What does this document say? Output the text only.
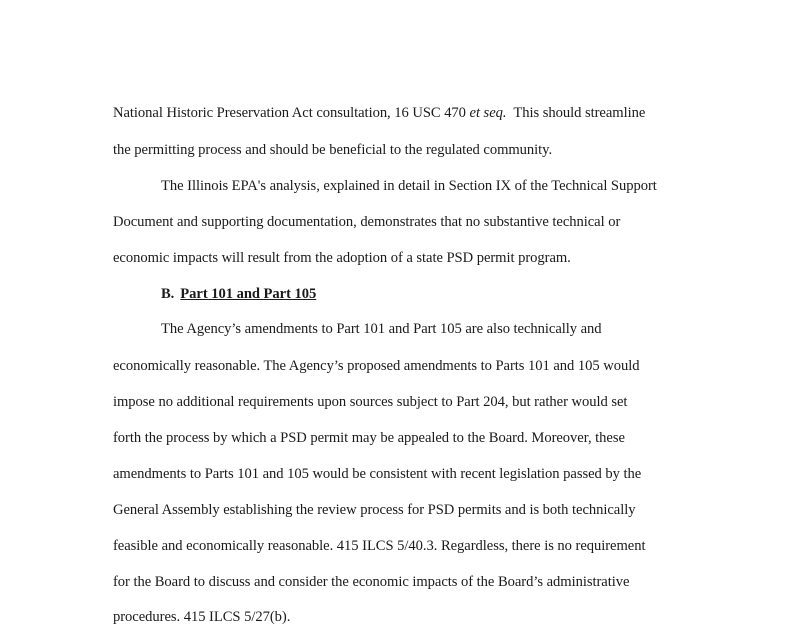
National Historic Preservation Act consultation, 16 USC 470 et seq.  This should streamline
the permitting process and should be beneficial to the regulated community.
The Illinois EPA's analysis, explained in detail in Section IX of the Technical Support
Document and supporting documentation, demonstrates that no substantive technical or
economic impacts will result from the adoption of a state PSD permit program.
B. Part 101 and Part 105
The Agency’s amendments to Part 101 and Part 105 are also technically and
economically reasonable. The Agency’s proposed amendments to Parts 101 and 105 would
impose no additional requirements upon sources subject to Part 204, but rather would set
forth the process by which a PSD permit may be appealed to the Board. Moreover, these
amendments to Parts 101 and 105 would be consistent with recent legislation passed by the
General Assembly establishing the review process for PSD permits and is both technically
feasible and economically reasonable. 415 ILCS 5/40.3. Regardless, there is no requirement
for the Board to discuss and consider the economic impacts of the Board’s administrative
procedures. 415 ILCS 5/27(b).
